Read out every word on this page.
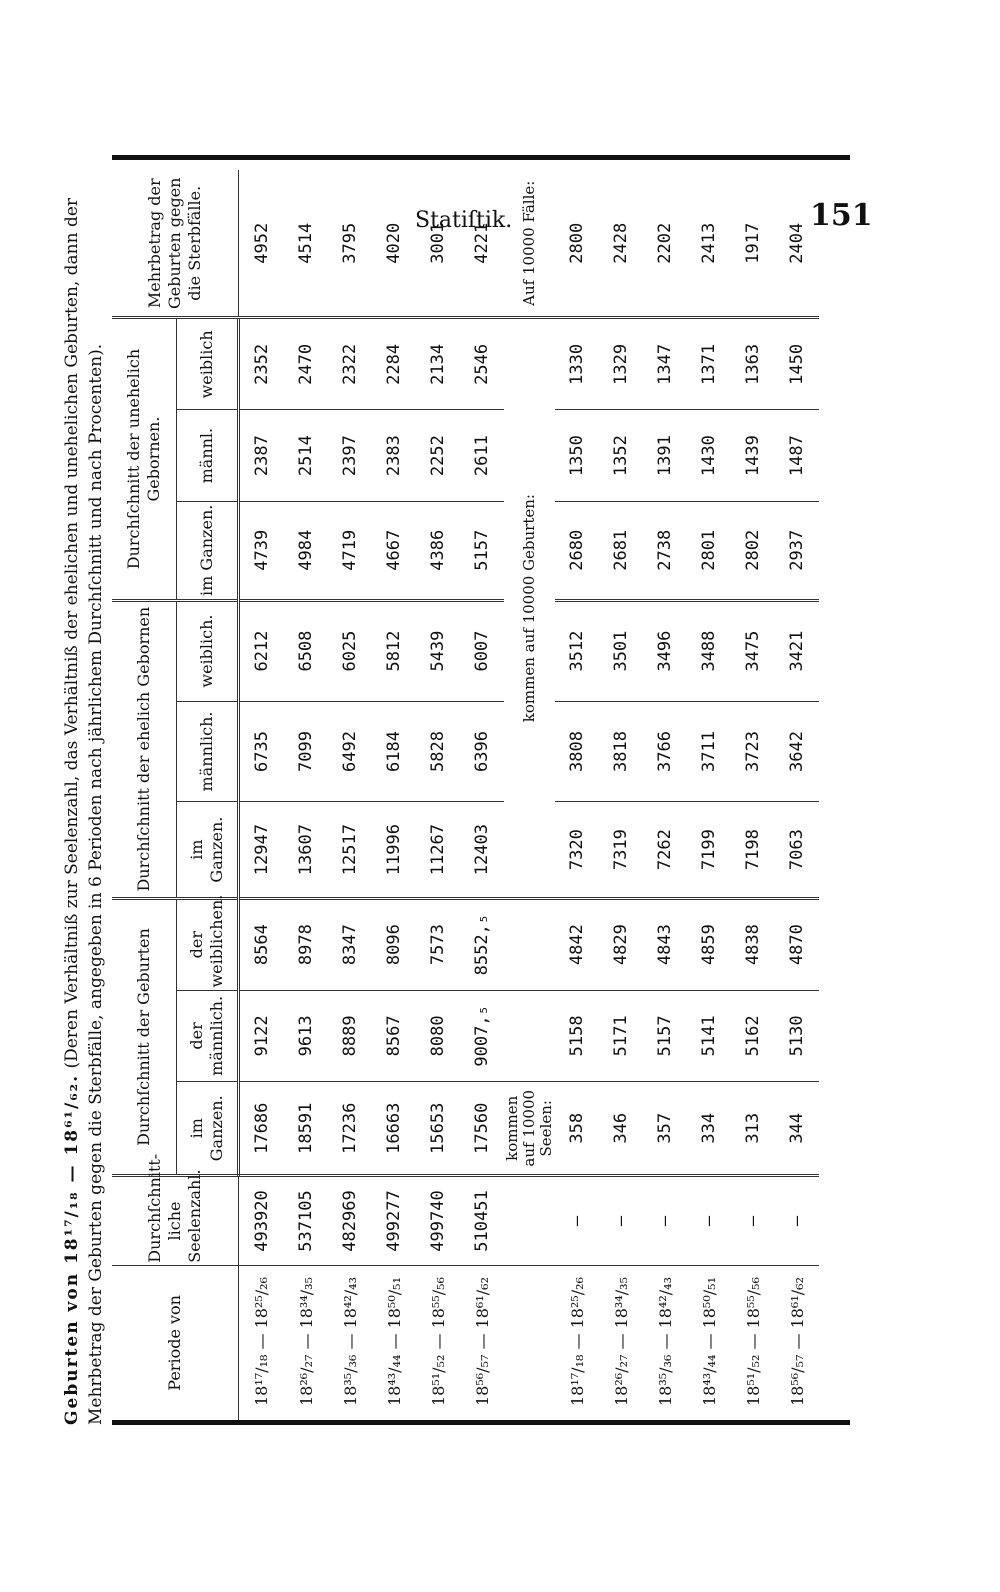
Statiſtik.	151
Geburten von 18¹⁷/₁₈ — 18⁶¹/₆₂. (Deren Verhältniß zur Seelenzahl, das Verhältniß der ehelichen und unehelichen Geburten, dann der Mehrbetrag der Geburten gegen die Sterbfälle, angegeben in 6 Perioden nach jährlichem Durchſchnitt und nach Procenten).	Periode von	Durchſchnitt-liche Seelenzahl.	Durchſchnitt der Geburten			Durchſchnitt der ehelich Gebornen			Durchſchnitt der unehelich Gebornen.			Mehrbetrag der Geburten gegen die Sterbfälle.
		im Ganzen.	der männlich.	der weiblichen.	im Ganzen.	männlich.	weiblich.	im Ganzen.	männl.	weiblich	
18¹⁷/₁₈ — 18²⁵/₂₆	493920	17686	9122	8564	12947	6735	6212	4739	2387	2352	4952
18²⁶/₂₇ — 18³⁴/₃₅	537105	18591	9613	8978	13607	7099	6508	4984	2514	2470	4514
18³⁵/₃₆ — 18⁴²/₄₃	482969	17236	8889	8347	12517	6492	6025	4719	2397	2322	3795
18⁴³/₄₄ — 18⁵⁰/₅₁	499277	16663	8567	8096	11996	6184	5812	4667	2383	2284	4020
18⁵¹/₅₂ — 18⁵⁵/₅₆	499740	15653	8080	7573	11267	5828	5439	4386	2252	2134	3001
18⁵⁶/₅₇ — 18⁶¹/₆₂	510451	17560	9007,₅	8552,₅	12403	6396	6007	5157	2611	2546	4221
		kommen auf 10000 Seelen:			kommen auf 10000 Geburten:						Auf 10000 Fälle:
18¹⁷/₁₈ — 18²⁵/₂₆	—	358	5158	4842	7320	3808	3512	2680	1350	1330	2800
18²⁶/₂₇ — 18³⁴/₃₅	—	346	5171	4829	7319	3818	3501	2681	1352	1329	2428
18³⁵/₃₆ — 18⁴²/₄₃	—	357	5157	4843	7262	3766	3496	2738	1391	1347	2202
18⁴³/₄₄ — 18⁵⁰/₅₁	—	334	5141	4859	7199	3711	3488	2801	1430	1371	2413
18⁵¹/₅₂ — 18⁵⁵/₅₆	—	313	5162	4838	7198	3723	3475	2802	1439	1363	1917
18⁵⁶/₅₇ — 18⁶¹/₆₂	—	344	5130	4870	7063	3642	3421	2937	1487	1450	2404
